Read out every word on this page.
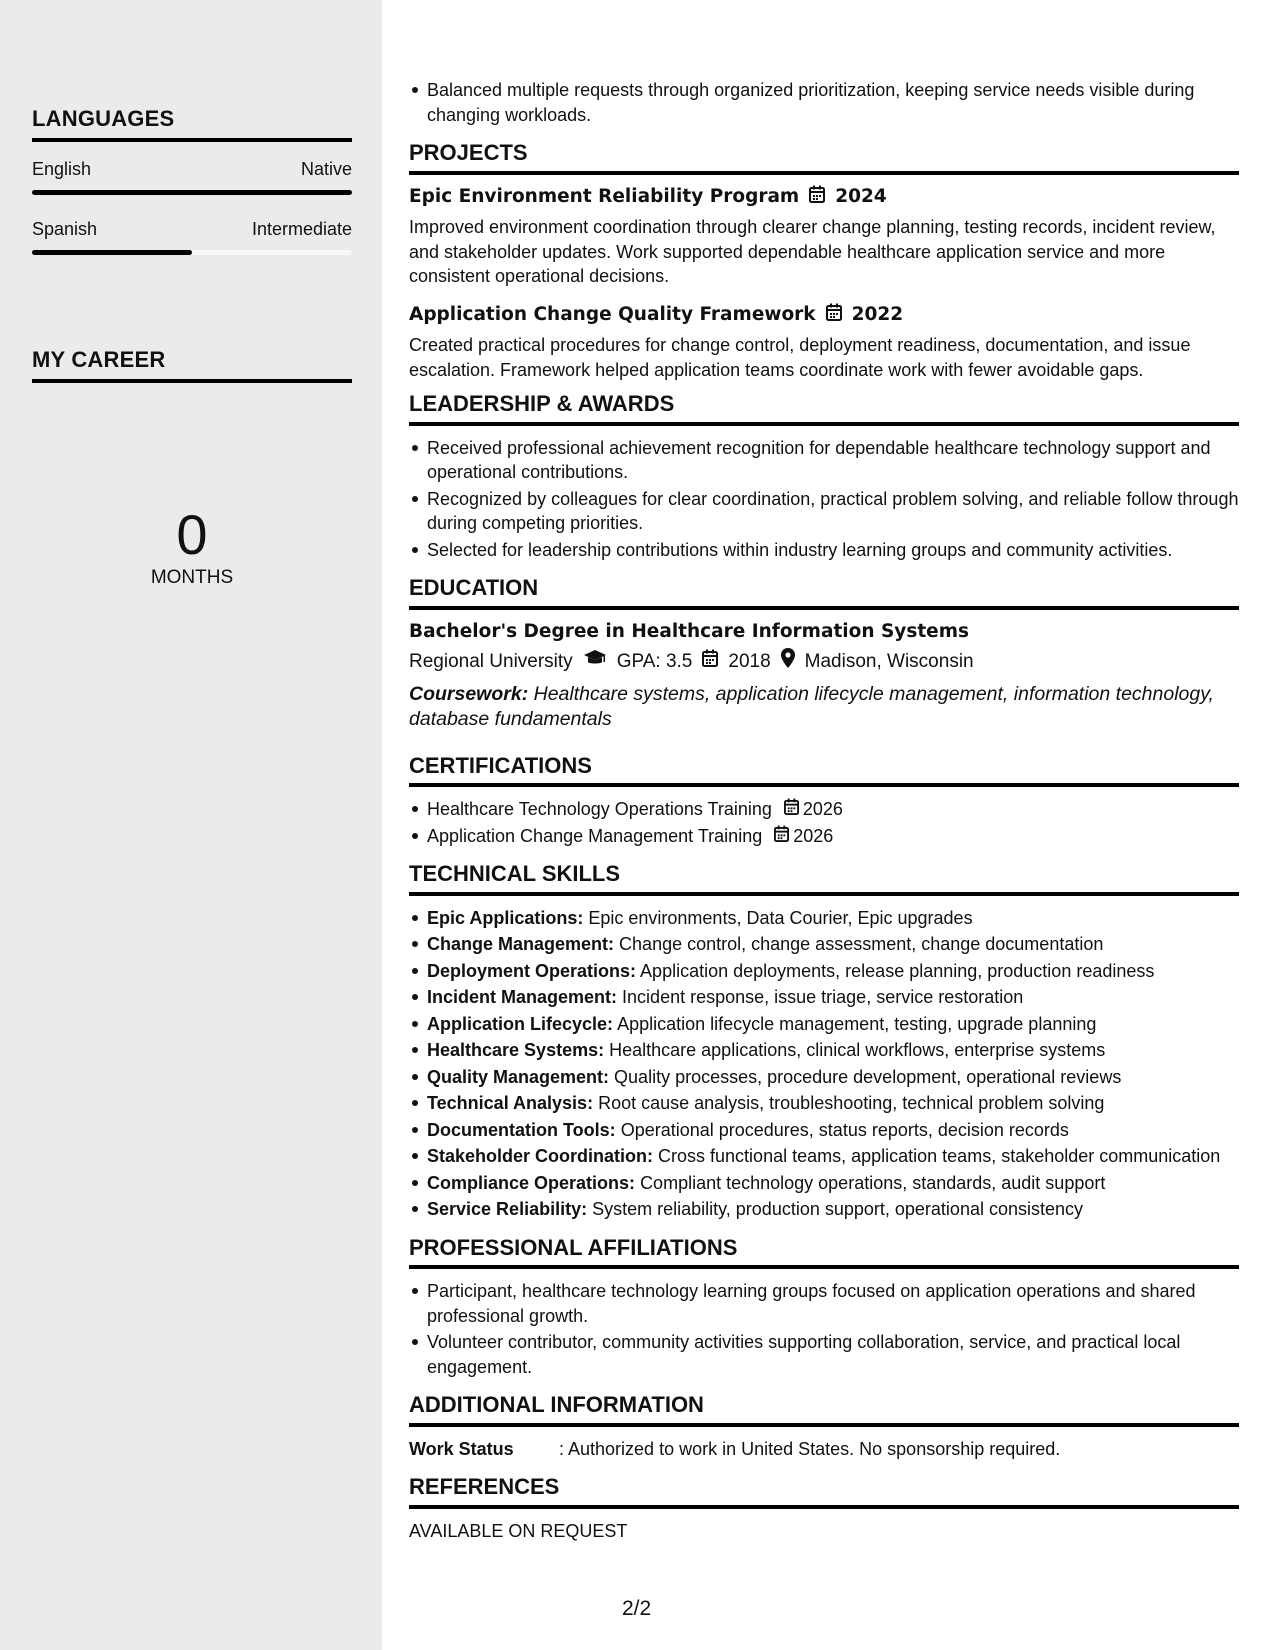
LANGUAGES
English	Native
Spanish	Intermediate
MY CAREER
0
MONTHS
Balanced multiple requests through organized prioritization, keeping service needs visible during changing workloads.
PROJECTS
Epic Environment Reliability Program 2024

Improved environment coordination through clearer change planning, testing records, incident review, and stakeholder updates. Work supported dependable healthcare application service and more consistent operational decisions.

Application Change Quality Framework 2022

Created practical procedures for change control, deployment readiness, documentation, and issue escalation. Framework helped application teams coordinate work with fewer avoidable gaps.

LEADERSHIP & AWARDS
Received professional achievement recognition for dependable healthcare technology support and operational contributions.
Recognized by colleagues for clear coordination, practical problem solving, and reliable follow through during competing priorities.
Selected for leadership contributions within industry learning groups and community activities.
EDUCATION
Bachelor's Degree in Healthcare Information Systems
Regional University GPA: 3.5 2018 Madison, Wisconsin

Coursework: Healthcare systems, application lifecycle management, information technology, database fundamentals

CERTIFICATIONS
Healthcare Technology Operations Training 2026
Application Change Management Training 2026
TECHNICAL SKILLS
Epic Applications: Epic environments, Data Courier, Epic upgrades
Change Management: Change control, change assessment, change documentation
Deployment Operations: Application deployments, release planning, production readiness
Incident Management: Incident response, issue triage, service restoration
Application Lifecycle: Application lifecycle management, testing, upgrade planning
Healthcare Systems: Healthcare applications, clinical workflows, enterprise systems
Quality Management: Quality processes, procedure development, operational reviews
Technical Analysis: Root cause analysis, troubleshooting, technical problem solving
Documentation Tools: Operational procedures, status reports, decision records
Stakeholder Coordination: Cross functional teams, application teams, stakeholder communication
Compliance Operations: Compliant technology operations, standards, audit support
Service Reliability: System reliability, production support, operational consistency
PROFESSIONAL AFFILIATIONS
Participant, healthcare technology learning groups focused on application operations and shared professional growth.
Volunteer contributor, community activities supporting collaboration, service, and practical local engagement.
ADDITIONAL INFORMATION
Work Status	: Authorized to work in United States. No sponsorship required.
REFERENCES
AVAILABLE ON REQUEST
2/2
